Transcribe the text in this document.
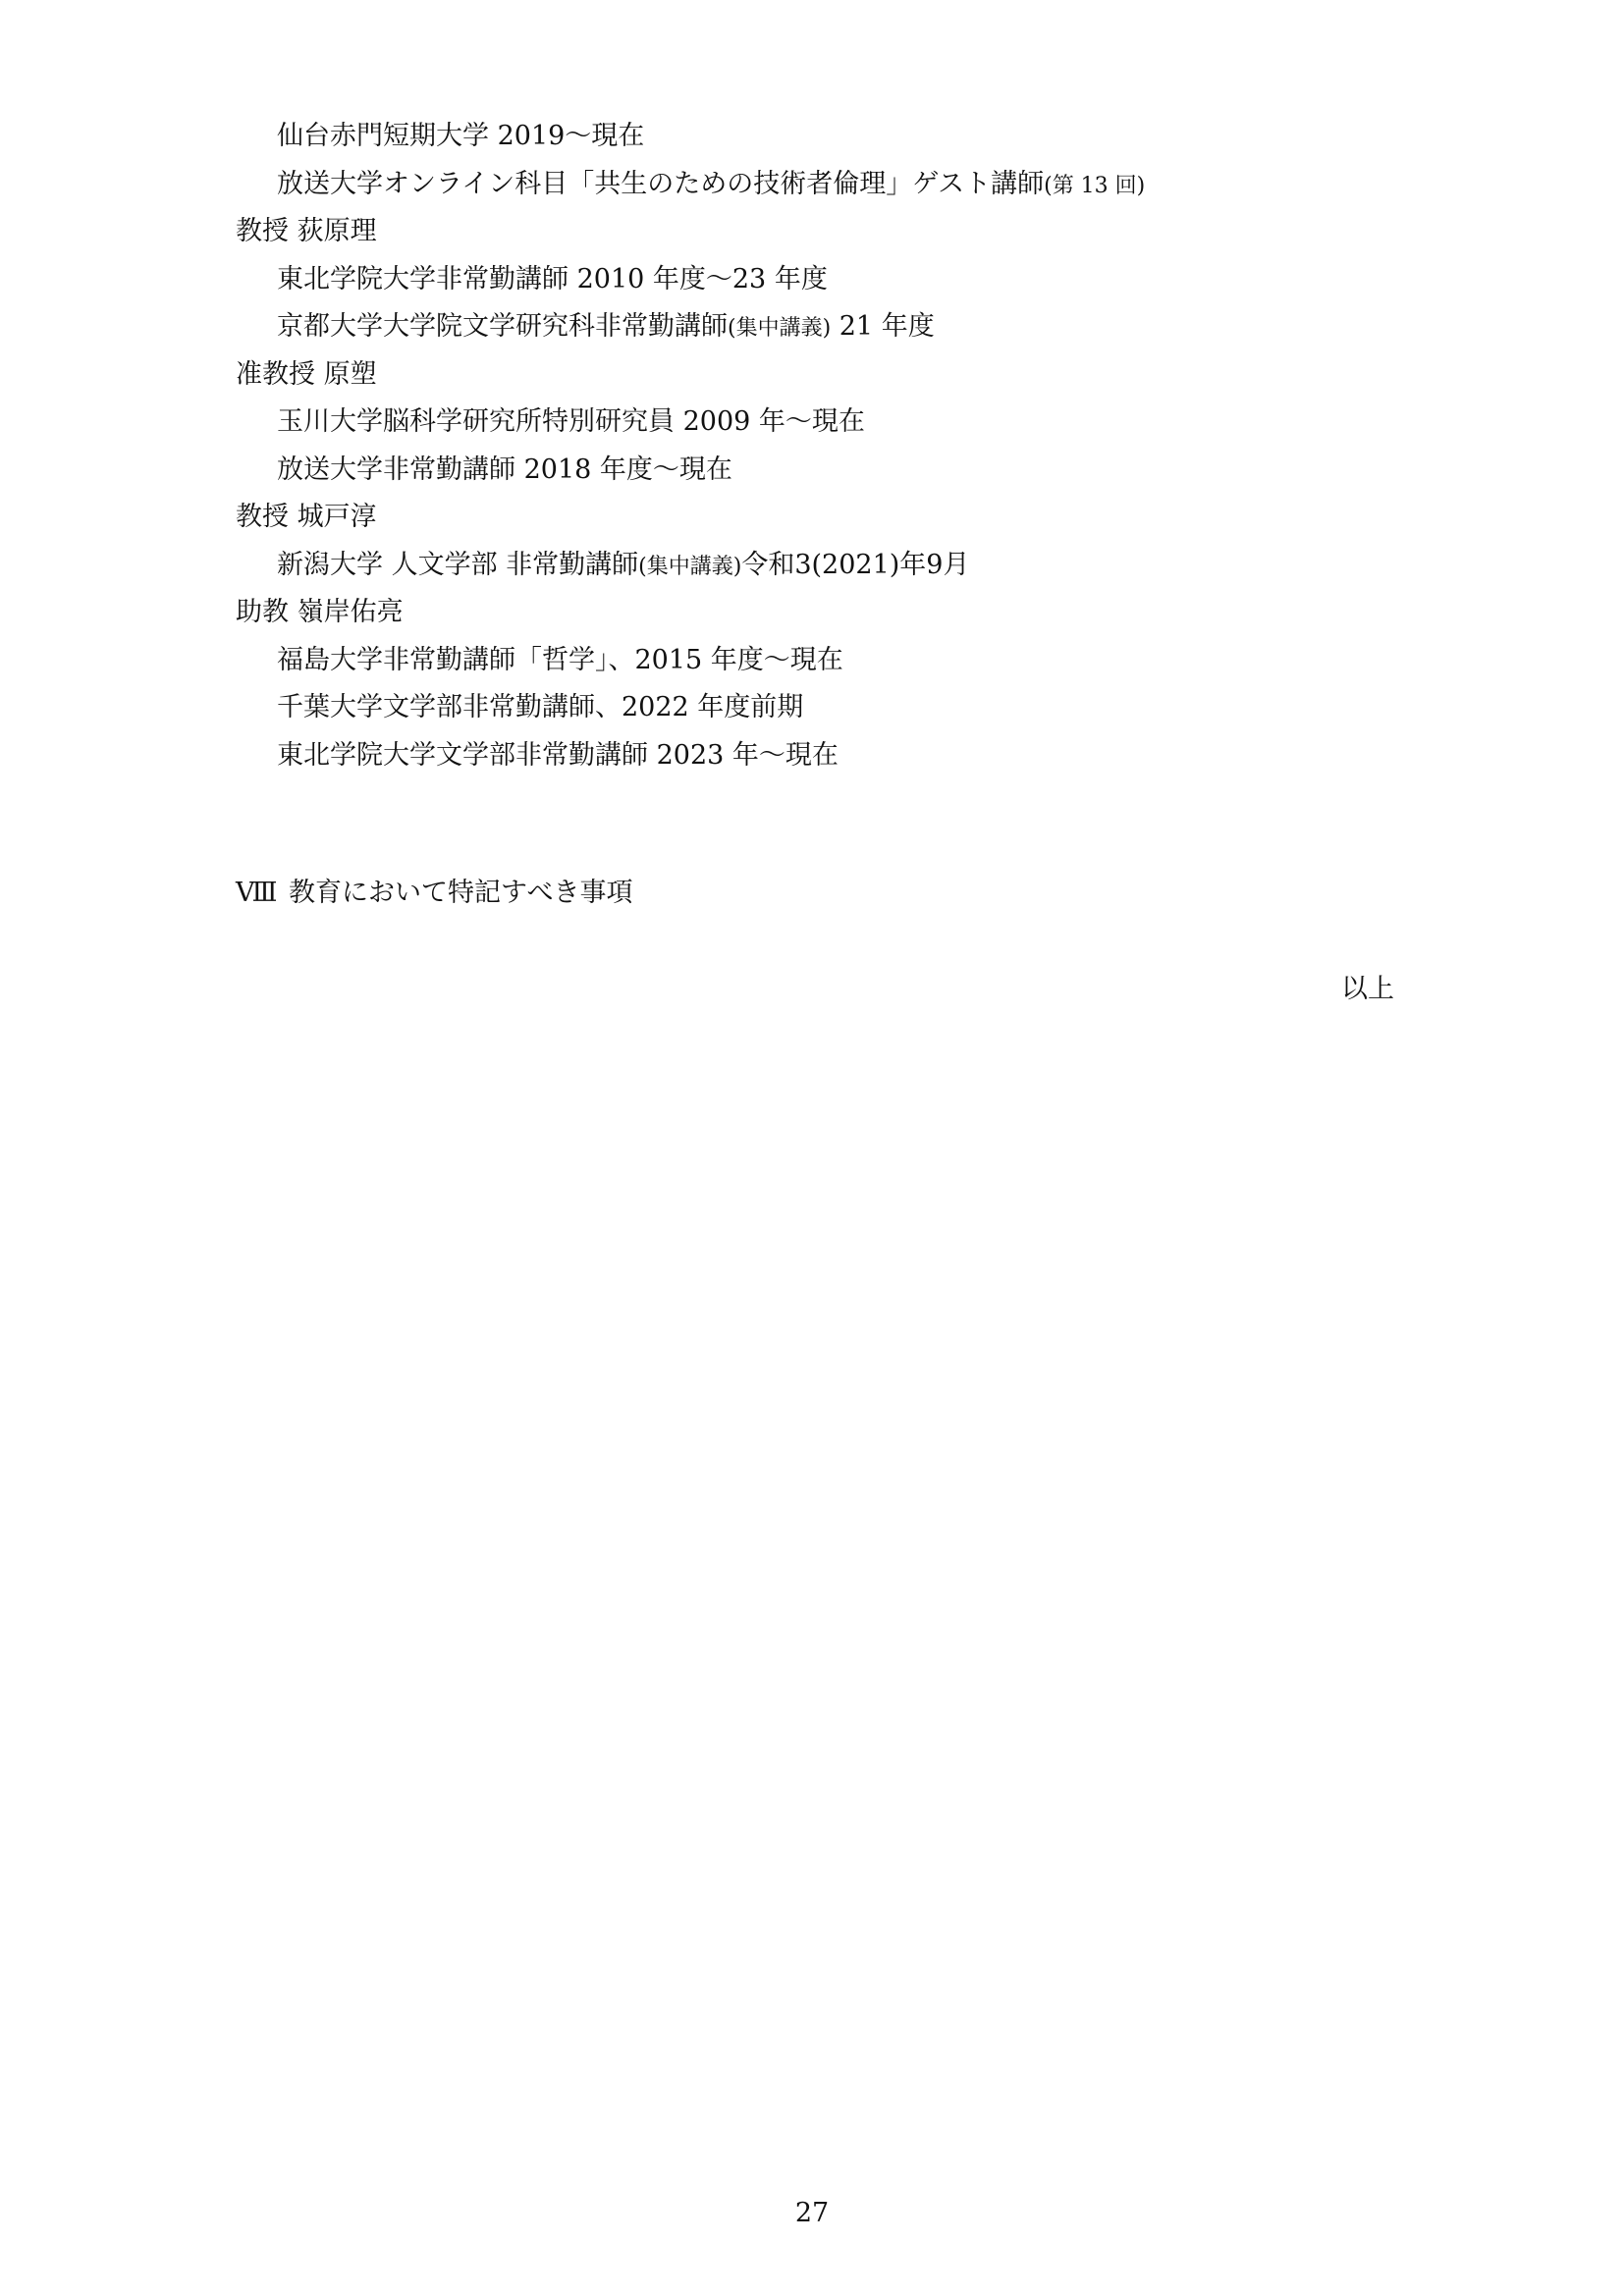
仙台赤門短期大学 2019～現在
放送大学オンライン科目「共生のための技術者倫理」ゲスト講師(第 13 回)
教授 荻原理
東北学院大学非常勤講師 2010 年度～23 年度
京都大学大学院文学研究科非常勤講師(集中講義) 21 年度
准教授 原塑
玉川大学脳科学研究所特別研究員 2009 年～現在
放送大学非常勤講師 2018 年度～現在
教授 城戸淳
新潟大学 人文学部 非常勤講師(集中講義)令和3(2021)年9月
助教 嶺岸佑亮
福島大学非常勤講師「哲学」、2015 年度～現在
千葉大学文学部非常勤講師、2022 年度前期
東北学院大学文学部非常勤講師 2023 年～現在
Ⅷ 教育において特記すべき事項
以上
27
